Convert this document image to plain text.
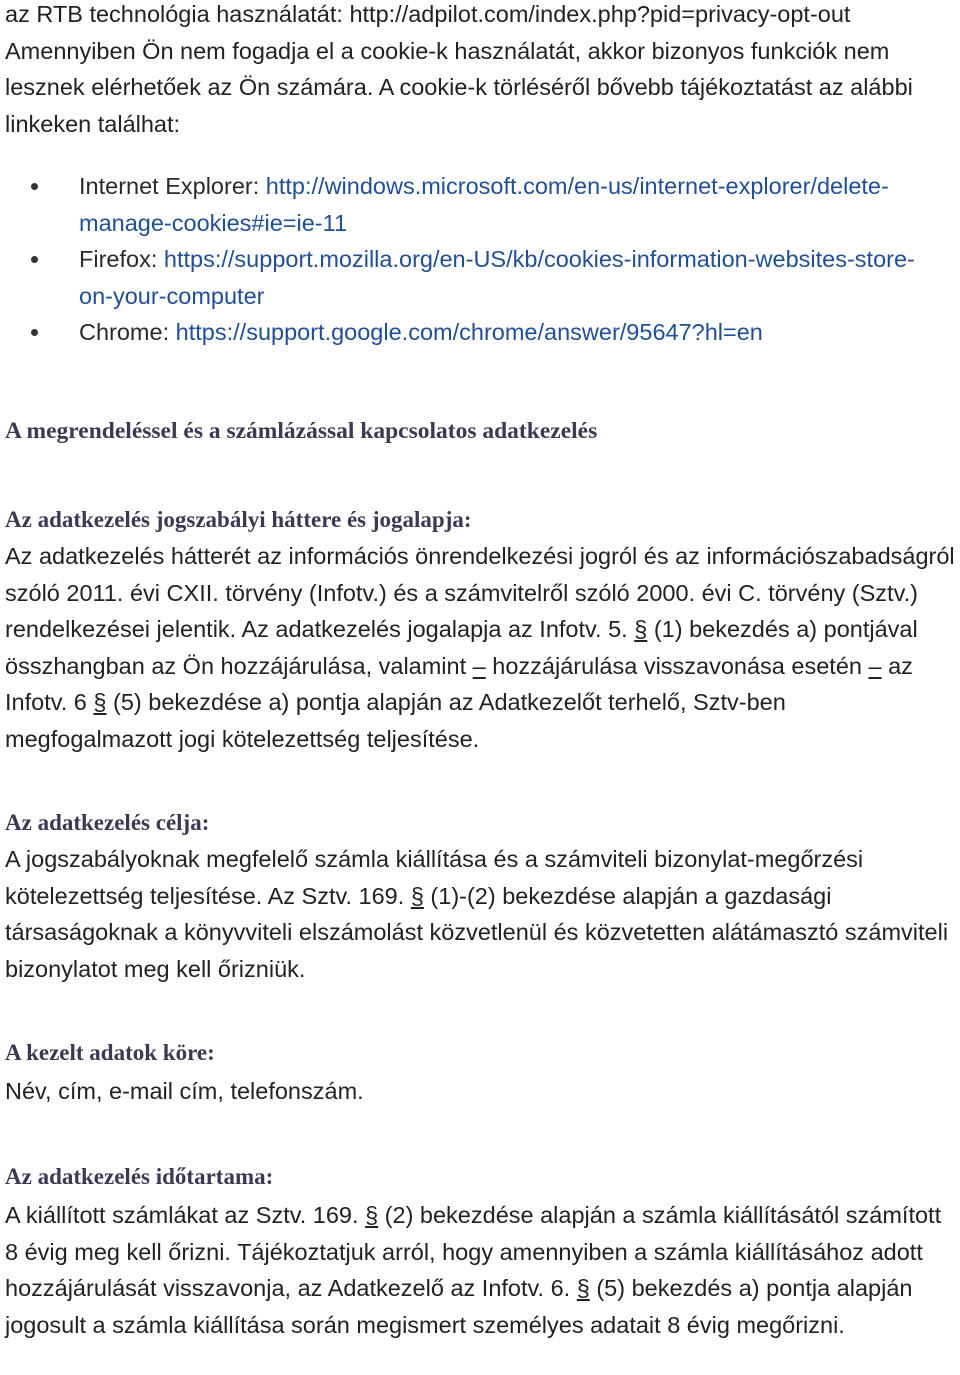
az RTB technológia használatát: http://adpilot.com/index.php?pid=privacy-opt-out Amennyiben Ön nem fogadja el a cookie-k használatát, akkor bizonyos funkciók nem lesznek elérhetőek az Ön számára. A cookie-k törléséről bővebb tájékoztatást az alábbi linkeken találhat:

Internet Explorer: http://windows.microsoft.com/en-us/internet-explorer/delete-manage-cookies#ie=ie-11
Firefox: https://support.mozilla.org/en-US/kb/cookies-information-websites-store-on-your-computer
Chrome: https://support.google.com/chrome/answer/95647?hl=en
A megrendeléssel és a számlázással kapcsolatos adatkezelés
Az adatkezelés jogszabályi háttere és jogalapja:

Az adatkezelés hátterét az információs önrendelkezési jogról és az információszabadságról szóló 2011. évi CXII. törvény (Infotv.) és a számvitelről szóló 2000. évi C. törvény (Sztv.) rendelkezései jelentik. Az adatkezelés jogalapja az Infotv. 5. § (1) bekezdés a) pontjával összhangban az Ön hozzájárulása, valamint – hozzájárulása visszavonása esetén – az Infotv. 6 § (5) bekezdése a) pontja alapján az Adatkezelőt terhelő, Sztv-ben megfogalmazott jogi kötelezettség teljesítése.

Az adatkezelés célja:

A jogszabályoknak megfelelő számla kiállítása és a számviteli bizonylat-megőrzési kötelezettség teljesítése. Az Sztv. 169. § (1)-(2) bekezdése alapján a gazdasági társaságoknak a könyvviteli elszámolást közvetlenül és közvetetten alátámasztó számviteli bizonylatot meg kell őrizniük.

A kezelt adatok köre:

Név, cím, e-mail cím, telefonszám.

Az adatkezelés időtartama:

A kiállított számlákat az Sztv. 169. § (2) bekezdése alapján a számla kiállításától számított 8 évig meg kell őrizni. Tájékoztatjuk arról, hogy amennyiben a számla kiállításához adott hozzájárulását visszavonja, az Adatkezelő az Infotv. 6. § (5) bekezdés a) pontja alapján jogosult a számla kiállítása során megismert személyes adatait 8 évig megőrizni.
